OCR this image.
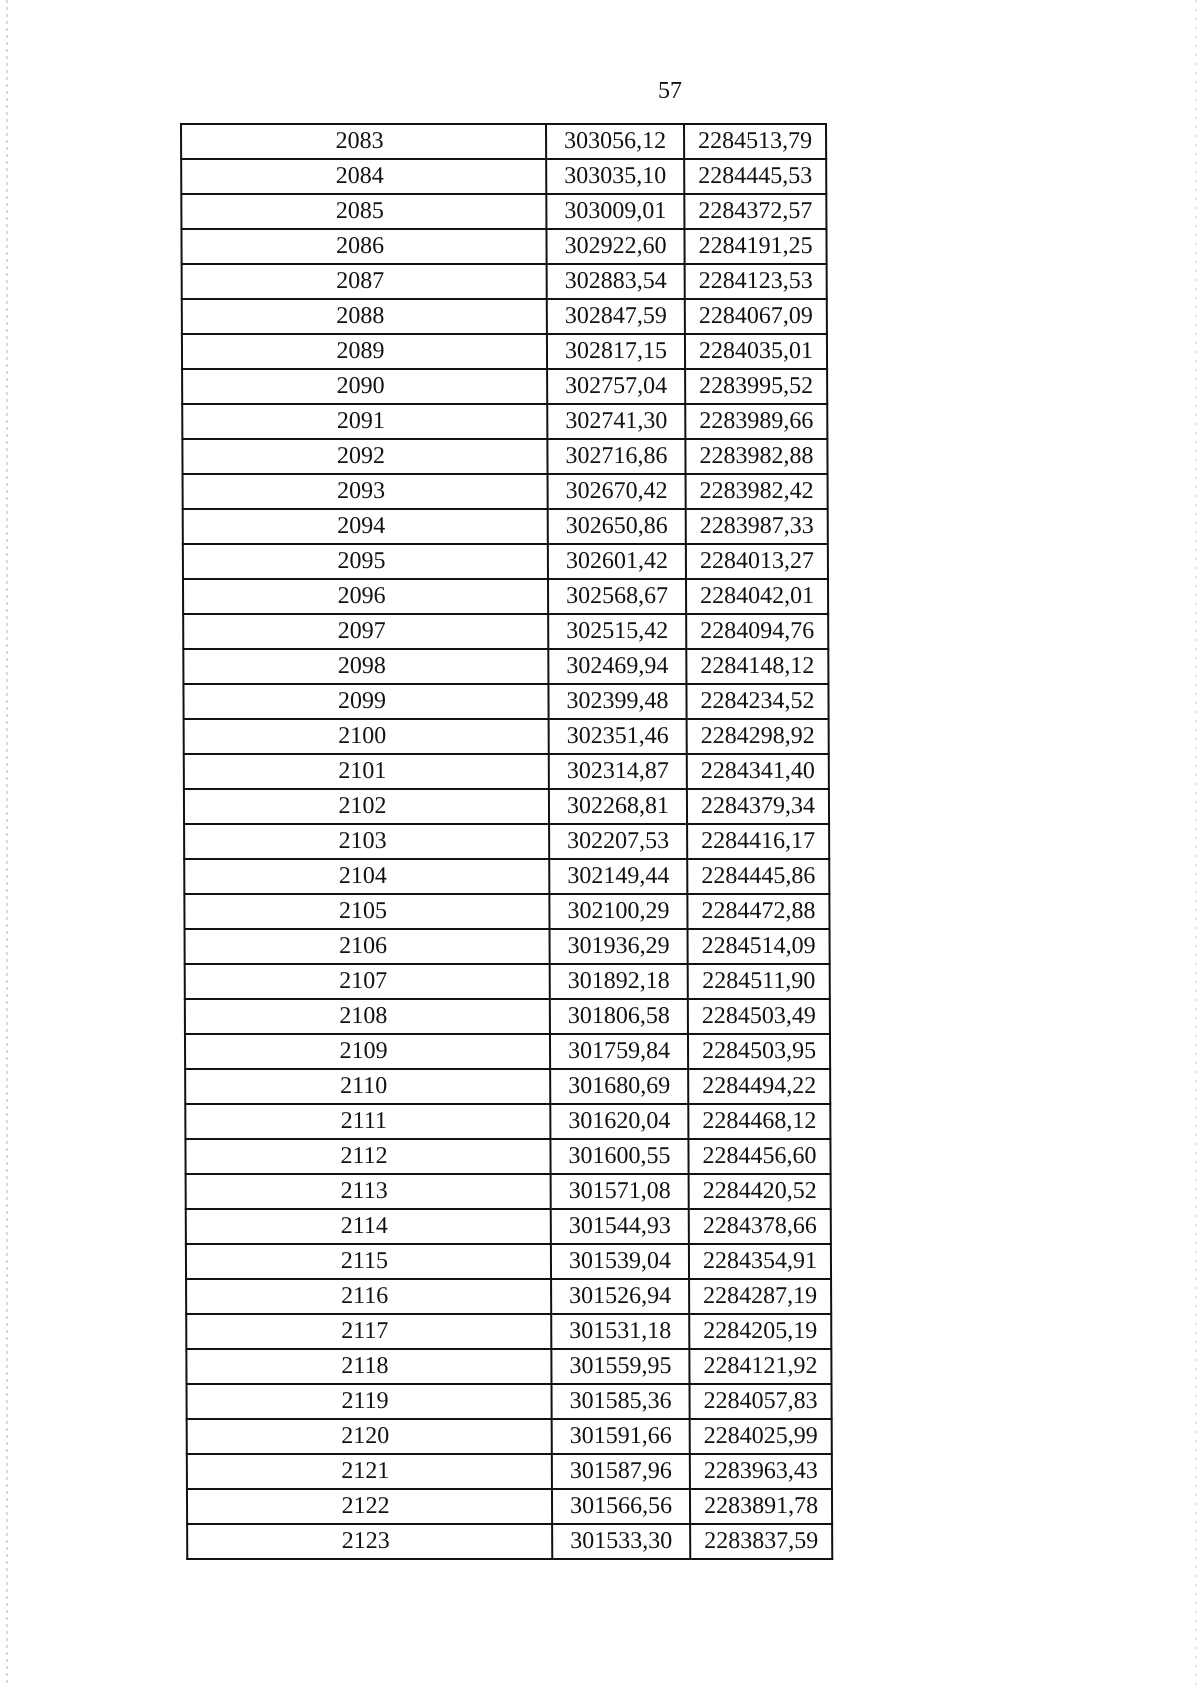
57
2083	303056,12	2284513,79
2084	303035,10	2284445,53
2085	303009,01	2284372,57
2086	302922,60	2284191,25
2087	302883,54	2284123,53
2088	302847,59	2284067,09
2089	302817,15	2284035,01
2090	302757,04	2283995,52
2091	302741,30	2283989,66
2092	302716,86	2283982,88
2093	302670,42	2283982,42
2094	302650,86	2283987,33
2095	302601,42	2284013,27
2096	302568,67	2284042,01
2097	302515,42	2284094,76
2098	302469,94	2284148,12
2099	302399,48	2284234,52
2100	302351,46	2284298,92
2101	302314,87	2284341,40
2102	302268,81	2284379,34
2103	302207,53	2284416,17
2104	302149,44	2284445,86
2105	302100,29	2284472,88
2106	301936,29	2284514,09
2107	301892,18	2284511,90
2108	301806,58	2284503,49
2109	301759,84	2284503,95
2110	301680,69	2284494,22
2111	301620,04	2284468,12
2112	301600,55	2284456,60
2113	301571,08	2284420,52
2114	301544,93	2284378,66
2115	301539,04	2284354,91
2116	301526,94	2284287,19
2117	301531,18	2284205,19
2118	301559,95	2284121,92
2119	301585,36	2284057,83
2120	301591,66	2284025,99
2121	301587,96	2283963,43
2122	301566,56	2283891,78
2123	301533,30	2283837,59
